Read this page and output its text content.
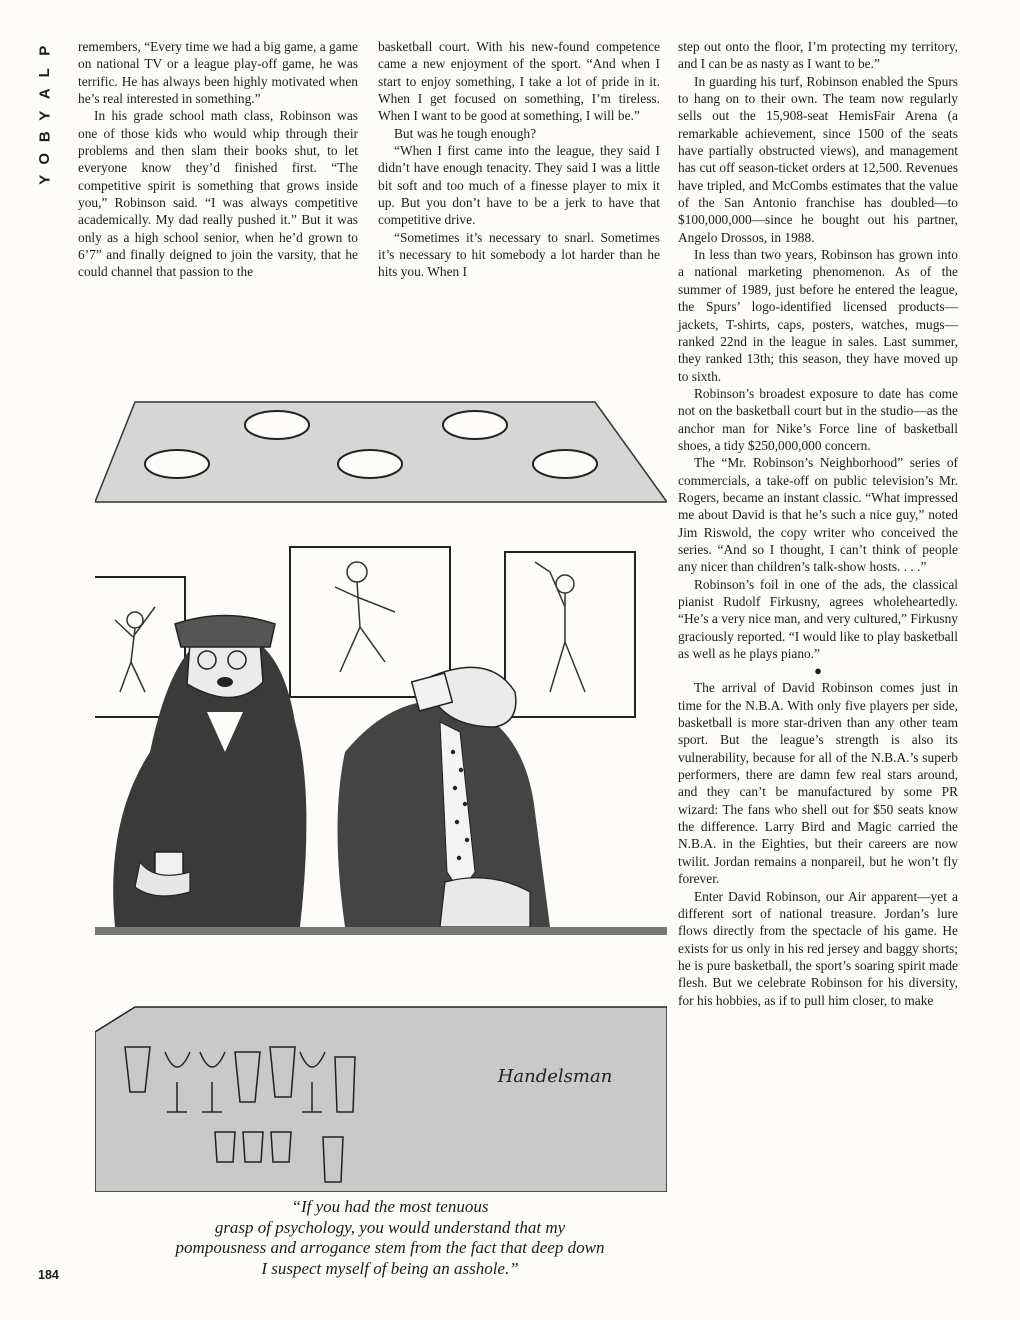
P
L
A
Y
B
O
Y

remembers, “Every time we had a big game, a game on national TV or a league play-off game, he was terrific. He has always been highly motivated when he’s real interested in something.”

In his grade school math class, Robinson was one of those kids who would whip through their problems and then slam their books shut, to let everyone know they’d finished first. “The competitive spirit is something that grows inside you,” Robinson said. “I was always competitive academically. My dad really pushed it.” But it was only as a high school senior, when he’d grown to 6’7” and finally deigned to join the varsity, that he could channel that passion to the

basketball court. With his new-found competence came a new enjoyment of the sport. “And when I start to enjoy something, I take a lot of pride in it. When I get focused on something, I’m tireless. When I want to be good at something, I will be.”

But was he tough enough?

“When I first came into the league, they said I didn’t have enough tenacity. They said I was a little bit soft and too much of a finesse player to mix it up. But you don’t have to be a jerk to have that competitive drive.

“Sometimes it’s necessary to snarl. Sometimes it’s necessary to hit somebody a lot harder than he hits you. When I

step out onto the floor, I’m protecting my territory, and I can be as nasty as I want to be.”

In guarding his turf, Robinson enabled the Spurs to hang on to their own. The team now regularly sells out the 15,908-seat HemisFair Arena (a remarkable achievement, since 1500 of the seats have partially obstructed views), and management has cut off season-ticket orders at 12,500. Revenues have tripled, and McCombs estimates that the value of the San Antonio franchise has doubled—to $100,000,000—since he bought out his partner, Angelo Drossos, in 1988.

In less than two years, Robinson has grown into a national marketing phenomenon. As of the summer of 1989, just before he entered the league, the Spurs’ logo-identified licensed products—jackets, T-shirts, caps, posters, watches, mugs—ranked 22nd in the league in sales. Last summer, they ranked 13th; this season, they have moved up to sixth.

Robinson’s broadest exposure to date has come not on the basketball court but in the studio—as the anchor man for Nike’s Force line of basketball shoes, a tidy $250,000,000 concern.

The “Mr. Robinson’s Neighborhood” series of commercials, a take-off on public television’s Mr. Rogers, became an instant classic. “What impressed me about David is that he’s such a nice guy,” noted Jim Riswold, the copy writer who conceived the series. “And so I thought, I can’t think of people any nicer than children’s talk-show hosts. . . .”

Robinson’s foil in one of the ads, the classical pianist Rudolf Firkusny, agrees wholeheartedly. “He’s a very nice man, and very cultured,” Firkusny graciously reported. “I would like to play basketball as well as he plays piano.”

●

The arrival of David Robinson comes just in time for the N.B.A. With only five players per side, basketball is more star-driven than any other team sport. But the league’s strength is also its vulnerability, because for all of the N.B.A.’s superb performers, there are damn few real stars around, and they can’t be manufactured by some PR wizard: The fans who shell out for $50 seats know the difference. Larry Bird and Magic carried the N.B.A. in the Eighties, but their careers are now twilit. Jordan remains a nonpareil, but he won’t fly forever.

Enter David Robinson, our Air apparent—yet a different sort of national treasure. Jordan’s lure flows directly from the spectacle of his game. He exists for us only in his red jersey and baggy shorts; he is pure basketball, the sport’s soaring spirit made flesh. But we celebrate Robinson for his diversity, for his hobbies, as if to pull him closer, to make

Handelsman
“If you had the most tenuous
grasp of psychology, you would understand that my
pompousness and arrogance stem from the fact that deep down
I suspect myself of being an asshole.”
184
